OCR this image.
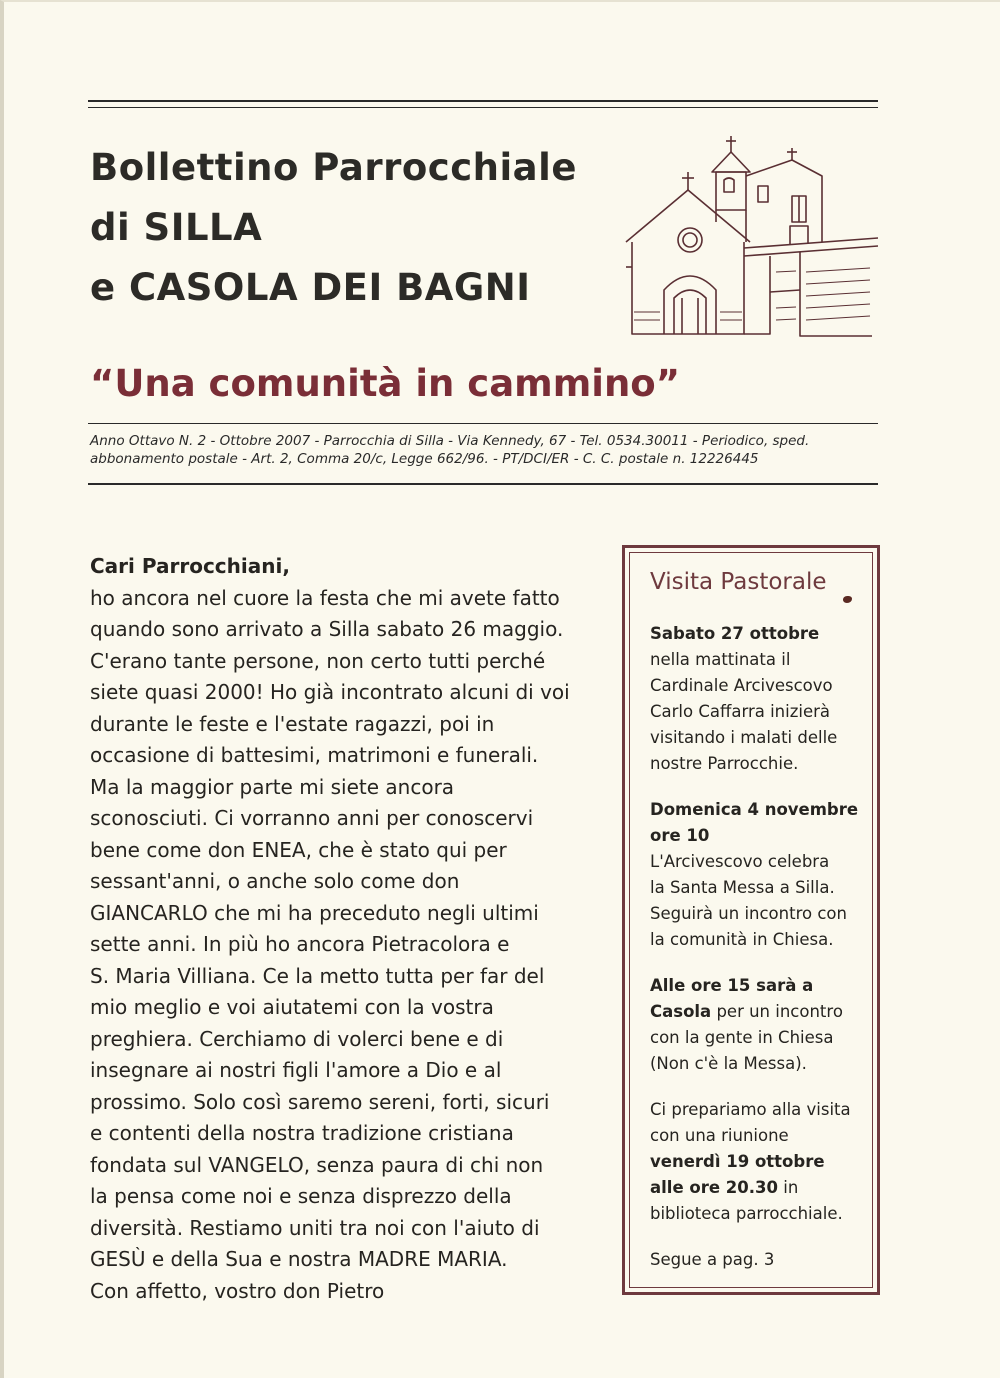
Bollettino Parrocchiale
di SILLA
e CASOLA DEI BAGNI
“Una comunità in cammino”
Anno Ottavo N. 2 - Ottobre 2007 - Parrocchia di Silla - Via Kennedy, 67 - Tel. 0534.30011 - Periodico, sped.
abbonamento postale - Art. 2, Comma 20/c, Legge 662/96. - PT/DCI/ER - C. C. postale n. 12226445
Cari Parrocchiani,
ho ancora nel cuore la festa che mi avete fatto
quando sono arrivato a Silla sabato 26 maggio.
C'erano tante persone, non certo tutti perché
siete quasi 2000! Ho già incontrato alcuni di voi
durante le feste e l'estate ragazzi, poi in
occasione di battesimi, matrimoni e funerali.
Ma la maggior parte mi siete ancora
sconosciuti. Ci vorranno anni per conoscervi
bene come don ENEA, che è stato qui per
sessant'anni, o anche solo come don
GIANCARLO che mi ha preceduto negli ultimi
sette anni. In più ho ancora Pietracolora e
S. Maria Villiana. Ce la metto tutta per far del
mio meglio e voi aiutatemi con la vostra
preghiera. Cerchiamo di volerci bene e di
insegnare ai nostri figli l'amore a Dio e al
prossimo. Solo così saremo sereni, forti, sicuri
e contenti della nostra tradizione cristiana
fondata sul VANGELO, senza paura di chi non
la pensa come noi e senza disprezzo della
diversità. Restiamo uniti tra noi con l'aiuto di
GESÙ e della Sua e nostra MADRE MARIA.
Con affetto, vostro don Pietro
Visita Pastorale
Sabato 27 ottobre
nella mattinata il
Cardinale Arcivescovo
Carlo Caffarra inizierà
visitando i malati delle
nostre Parrocchie.
Domenica 4 novembre
ore 10
L'Arcivescovo celebra
la Santa Messa a Silla.
Seguirà un incontro con
la comunità in Chiesa.
Alle ore 15 sarà a
Casola per un incontro
con la gente in Chiesa
(Non c'è la Messa).
Ci prepariamo alla visita
con una riunione
venerdì 19 ottobre
alle ore 20.30 in
biblioteca parrocchiale.
Segue a pag. 3
